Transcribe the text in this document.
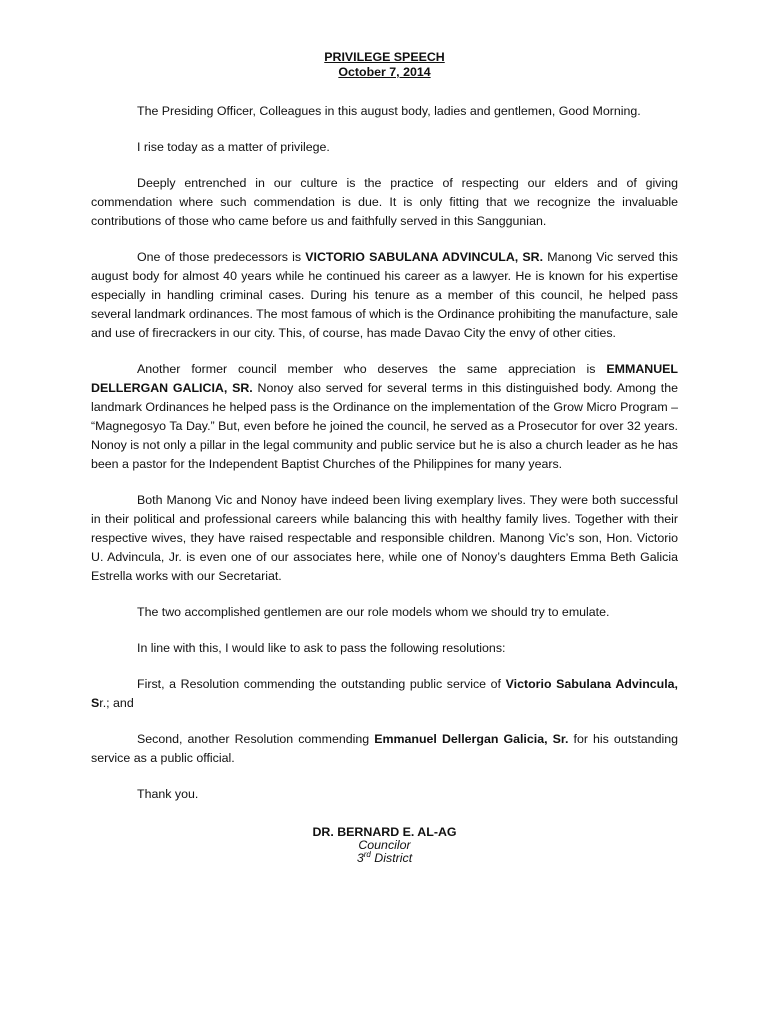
PRIVILEGE SPEECH
October 7, 2014

The Presiding Officer, Colleagues in this august body, ladies and gentlemen, Good Morning.

I rise today as a matter of privilege.

Deeply entrenched in our culture is the practice of respecting our elders and of giving commendation where such commendation is due. It is only fitting that we recognize the invaluable contributions of those who came before us and faithfully served in this Sanggunian.

One of those predecessors is VICTORIO SABULANA ADVINCULA, SR. Manong Vic served this august body for almost 40 years while he continued his career as a lawyer. He is known for his expertise especially in handling criminal cases. During his tenure as a member of this council, he helped pass several landmark ordinances. The most famous of which is the Ordinance prohibiting the manufacture, sale and use of firecrackers in our city. This, of course, has made Davao City the envy of other cities.

Another former council member who deserves the same appreciation is EMMANUEL DELLERGAN GALICIA, SR. Nonoy also served for several terms in this distinguished body. Among the landmark Ordinances he helped pass is the Ordinance on the implementation of the Grow Micro Program – “Magnegosyo Ta Day.” But, even before he joined the council, he served as a Prosecutor for over 32 years. Nonoy is not only a pillar in the legal community and public service but he is also a church leader as he has been a pastor for the Independent Baptist Churches of the Philippines for many years.

Both Manong Vic and Nonoy have indeed been living exemplary lives. They were both successful in their political and professional careers while balancing this with healthy family lives. Together with their respective wives, they have raised respectable and responsible children. Manong Vic’s son, Hon. Victorio U. Advincula, Jr. is even one of our associates here, while one of Nonoy’s daughters Emma Beth Galicia Estrella works with our Secretariat.

The two accomplished gentlemen are our role models whom we should try to emulate.

In line with this, I would like to ask to pass the following resolutions:

First, a Resolution commending the outstanding public service of Victorio Sabulana Advincula, Sr.; and

Second, another Resolution commending Emmanuel Dellergan Galicia, Sr. for his outstanding service as a public official.

Thank you.

DR. BERNARD E. AL-AG
Councilor
3rd District
